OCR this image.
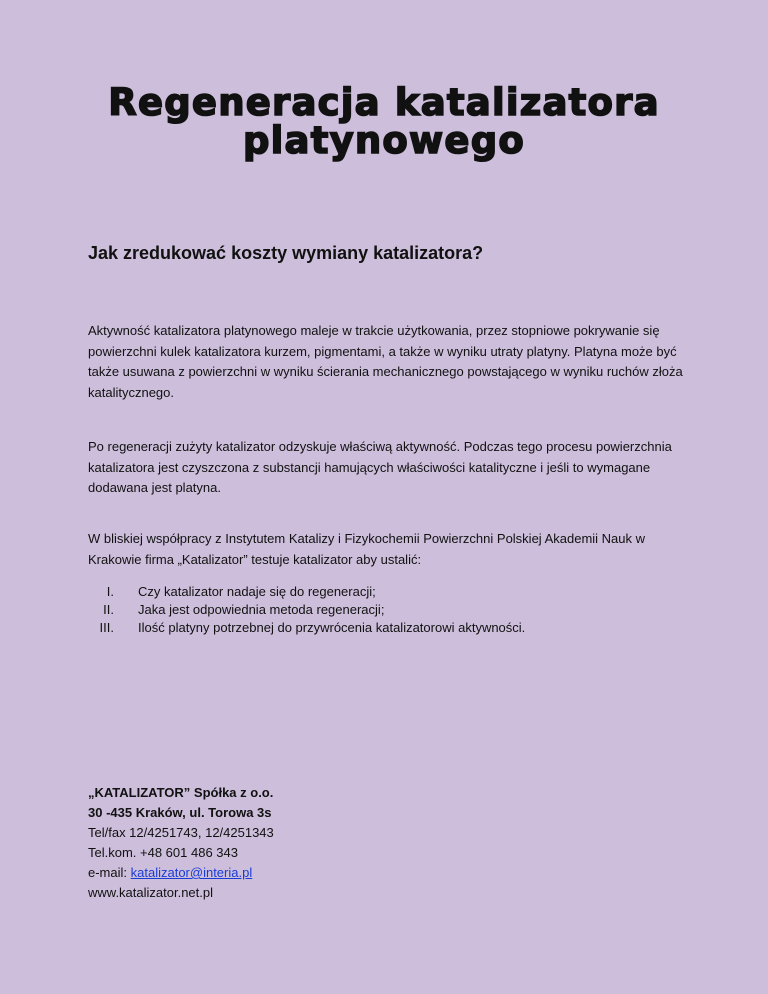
Regeneracja katalizatora
platynowego
Jak zredukować koszty wymiany katalizatora?

Aktywność katalizatora platynowego maleje w trakcie użytkowania, przez stopniowe pokrywanie się powierzchni kulek katalizatora kurzem, pigmentami, a także w wyniku utraty platyny. Platyna może być także usuwana z powierzchni w wyniku ścierania mechanicznego powstającego w wyniku ruchów złoża katalitycznego.

Po regeneracji zużyty katalizator odzyskuje właściwą aktywność. Podczas tego procesu powierzchnia katalizatora jest czyszczona z substancji hamujących właściwości katalityczne i jeśli to wymagane dodawana jest platyna.

W bliskiej współpracy z Instytutem Katalizy i Fizykochemii Powierzchni Polskiej Akademii Nauk w Krakowie firma „Katalizator” testuje katalizator aby ustalić:

I. Czy katalizator nadaje się do regeneracji;
II. Jaka jest odpowiednia metoda regeneracji;
III. Ilość platyny potrzebnej do przywrócenia katalizatorowi aktywności.
„KATALIZATOR” Spółka z o.o.
30 -435 Kraków, ul. Torowa 3s
Tel/fax 12/4251743, 12/4251343
Tel.kom. +48 601 486 343
e-mail: katalizator@interia.pl
www.katalizator.net.pl
